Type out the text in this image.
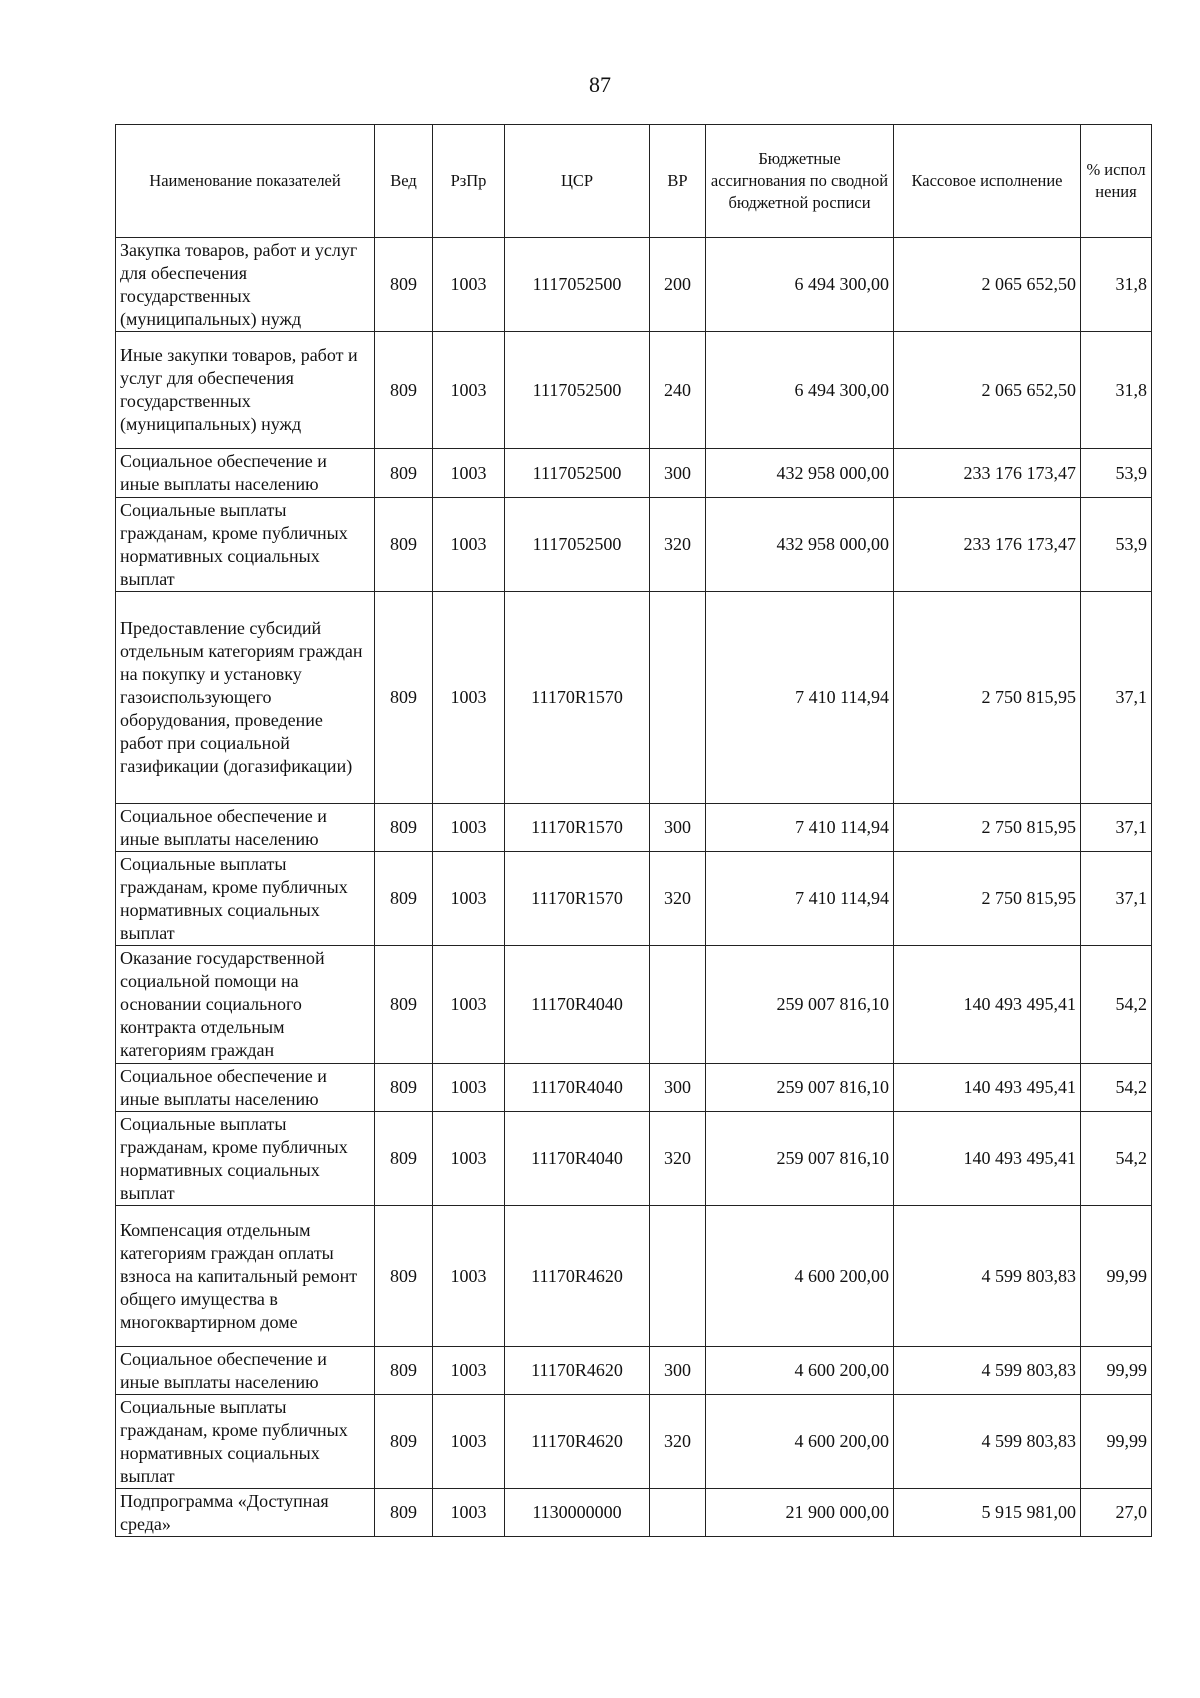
87
Наименование показателей	Вед	РзПр	ЦСР	ВР	Бюджетные ассигнования по сводной бюджетной росписи	Кассовое исполнение	% испол нения
Закупка товаров, работ и услуг для обеспечения государственных (муниципальных) нужд	809	1003	1117052500	200	6 494 300,00	2 065 652,50	31,8
Иные закупки товаров, работ и услуг для обеспечения государственных (муниципальных) нужд	809	1003	1117052500	240	6 494 300,00	2 065 652,50	31,8
Социальное обеспечение и иные выплаты населению	809	1003	1117052500	300	432 958 000,00	233 176 173,47	53,9
Социальные выплаты гражданам, кроме публичных нормативных социальных выплат	809	1003	1117052500	320	432 958 000,00	233 176 173,47	53,9
Предоставление субсидий отдельным категориям граждан на покупку и установку газоиспользующего оборудования, проведение работ при социальной газификации (догазификации)	809	1003	11170R1570		7 410 114,94	2 750 815,95	37,1
Социальное обеспечение и иные выплаты населению	809	1003	11170R1570	300	7 410 114,94	2 750 815,95	37,1
Социальные выплаты гражданам, кроме публичных нормативных социальных выплат	809	1003	11170R1570	320	7 410 114,94	2 750 815,95	37,1
Оказание государственной социальной помощи на основании социального контракта отдельным категориям граждан	809	1003	11170R4040		259 007 816,10	140 493 495,41	54,2
Социальное обеспечение и иные выплаты населению	809	1003	11170R4040	300	259 007 816,10	140 493 495,41	54,2
Социальные выплаты гражданам, кроме публичных нормативных социальных выплат	809	1003	11170R4040	320	259 007 816,10	140 493 495,41	54,2
Компенсация отдельным категориям граждан оплаты взноса на капитальный ремонт общего имущества в многоквартирном доме	809	1003	11170R4620		4 600 200,00	4 599 803,83	99,99
Социальное обеспечение и иные выплаты населению	809	1003	11170R4620	300	4 600 200,00	4 599 803,83	99,99
Социальные выплаты гражданам, кроме публичных нормативных социальных выплат	809	1003	11170R4620	320	4 600 200,00	4 599 803,83	99,99
Подпрограмма «Доступная среда»	809	1003	1130000000		21 900 000,00	5 915 981,00	27,0
